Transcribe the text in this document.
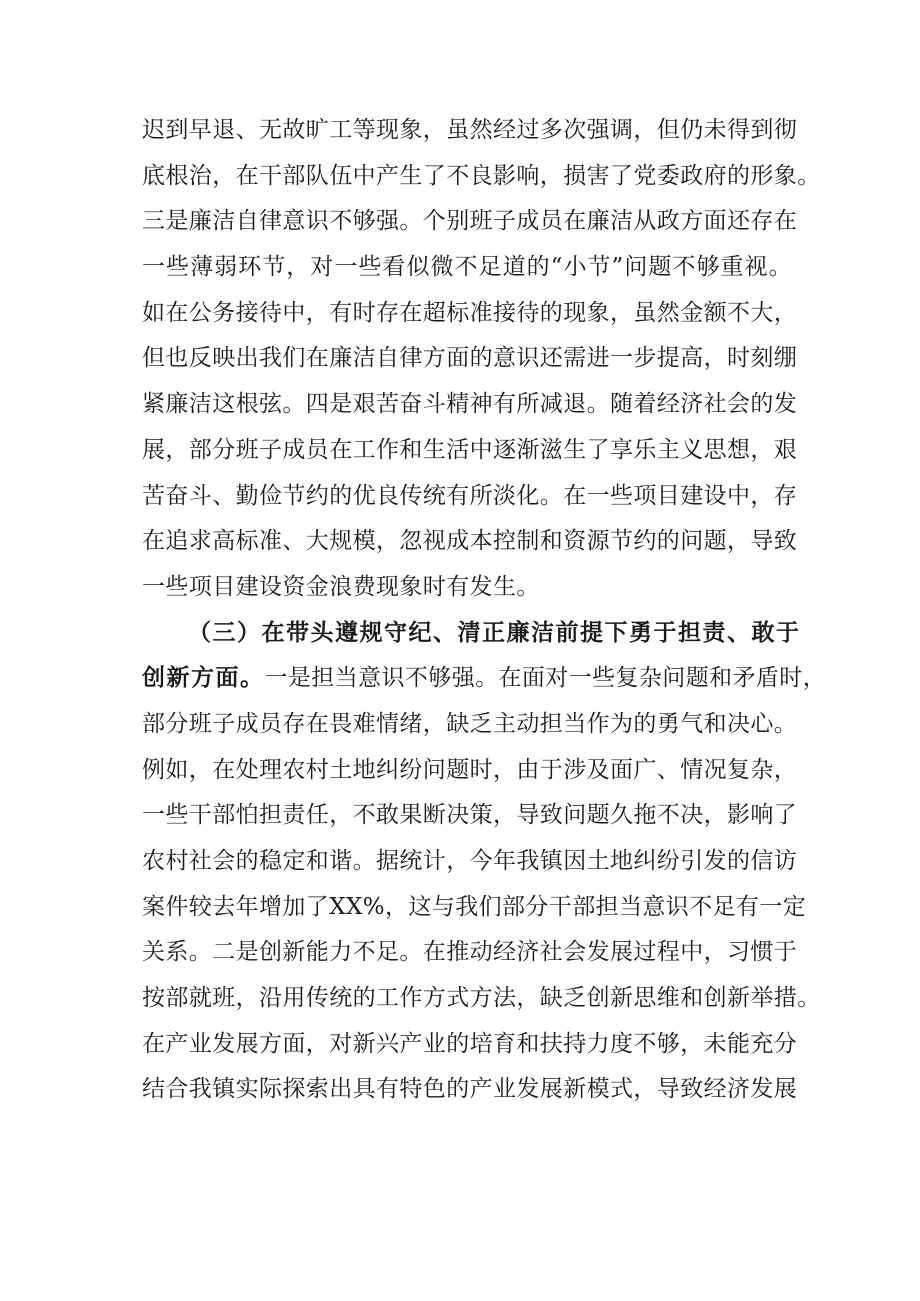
迟到早退、无故旷工等现象，虽然经过多次强调，但仍未得到彻
底根治，在干部队伍中产生了不良影响，损害了党委政府的形象。
三是廉洁自律意识不够强。个别班子成员在廉洁从政方面还存在
一些薄弱环节，对一些看似微不足道的“小节”问题不够重视。
如在公务接待中，有时存在超标准接待的现象，虽然金额不大，
但也反映出我们在廉洁自律方面的意识还需进一步提高，时刻绷
紧廉洁这根弦。四是艰苦奋斗精神有所减退。随着经济社会的发
展，部分班子成员在工作和生活中逐渐滋生了享乐主义思想，艰
苦奋斗、勤俭节约的优良传统有所淡化。在一些项目建设中，存
在追求高标准、大规模，忽视成本控制和资源节约的问题，导致
一些项目建设资金浪费现象时有发生。
（三）在带头遵规守纪、清正廉洁前提下勇于担责、敢于
创新方面。一是担当意识不够强。在面对一些复杂问题和矛盾时，
部分班子成员存在畏难情绪，缺乏主动担当作为的勇气和决心。
例如，在处理农村土地纠纷问题时，由于涉及面广、情况复杂，
一些干部怕担责任，不敢果断决策，导致问题久拖不决，影响了
农村社会的稳定和谐。据统计，今年我镇因土地纠纷引发的信访
案件较去年增加了XX%，这与我们部分干部担当意识不足有一定
关系。二是创新能力不足。在推动经济社会发展过程中，习惯于
按部就班，沿用传统的工作方式方法，缺乏创新思维和创新举措。
在产业发展方面，对新兴产业的培育和扶持力度不够，未能充分
结合我镇实际探索出具有特色的产业发展新模式，导致经济发展
